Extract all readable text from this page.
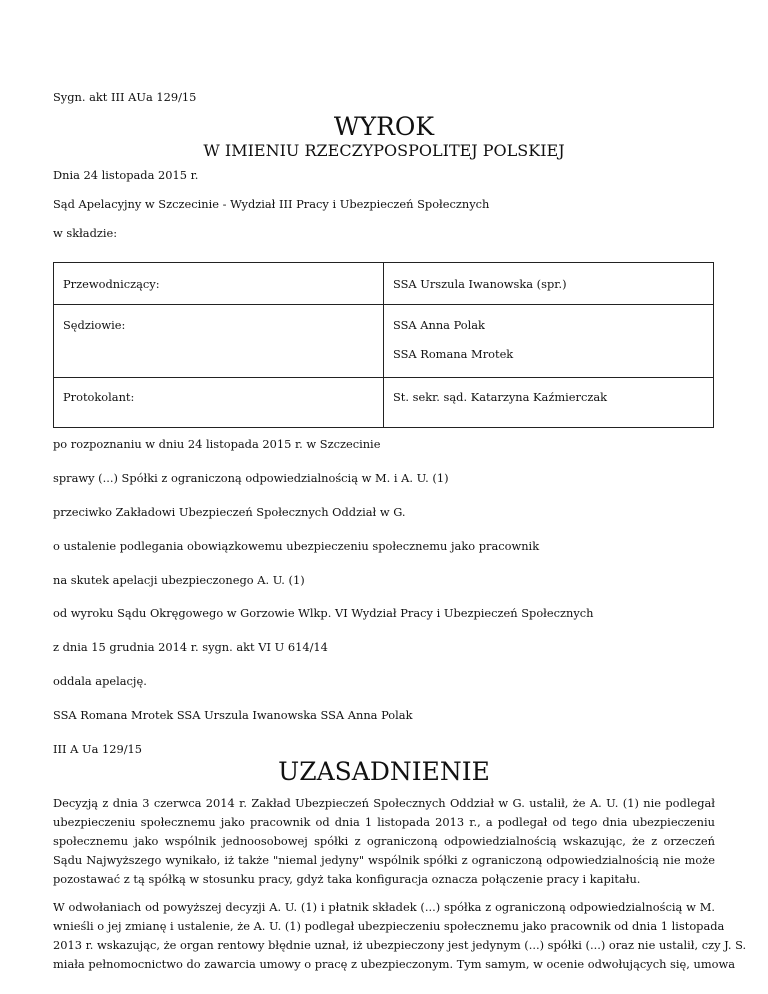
Sygn. akt III AUa 129/15
WYROK
W IMIENIU RZECZYPOSPOLITEJ POLSKIEJ
Dnia 24 listopada 2015 r.
Sąd Apelacyjny w Szczecinie - Wydział III Pracy i Ubezpieczeń Społecznych
w składzie:
Przewodniczący:	SSA Urszula Iwanowska (spr.)
Sędziowie:	SSA Anna Polak
SSA Romana Mrotek
Protokolant:	St. sekr. sąd. Katarzyna Kaźmierczak
po rozpoznaniu w dniu 24 listopada 2015 r. w Szczecinie
sprawy (...) Spółki z ograniczoną odpowiedzialnością w M. i A. U. (1)
przeciwko Zakładowi Ubezpieczeń Społecznych Oddział w G.
o ustalenie podlegania obowiązkowemu ubezpieczeniu społecznemu jako pracownik
na skutek apelacji ubezpieczonego A. U. (1)
od wyroku Sądu Okręgowego w Gorzowie Wlkp. VI Wydział Pracy i Ubezpieczeń Społecznych
z dnia 15 grudnia 2014 r. sygn. akt VI U 614/14
oddala apelację.
SSA Romana Mrotek SSA Urszula Iwanowska SSA Anna Polak
III A Ua 129/15
UZASADNIENIE
Decyzją z dnia 3 czerwca 2014 r. Zakład Ubezpieczeń Społecznych Oddział w G. ustalił, że A. U. (1) nie podlegał
ubezpieczeniu społecznemu jako pracownik od dnia 1 listopada 2013 r., a podlegał od tego dnia ubezpieczeniu
społecznemu jako wspólnik jednoosobowej spółki z ograniczoną odpowiedzialnością wskazując, że z orzeczeń
Sądu Najwyższego wynikało, iż także "niemal jedyny" wspólnik spółki z ograniczoną odpowiedzialnością nie może
pozostawać z tą spółką w stosunku pracy, gdyż taka konfiguracja oznacza połączenie pracy i kapitału.
W odwołaniach od powyższej decyzji A. U. (1) i płatnik składek (...) spółka z ograniczoną odpowiedzialnością w M.
wnieśli o jej zmianę i ustalenie, że A. U. (1) podlegał ubezpieczeniu społecznemu jako pracownik od dnia 1 listopada
2013 r. wskazując, że organ rentowy błędnie uznał, iż ubezpieczony jest jedynym (...) spółki (...) oraz nie ustalił, czy J. S.
miała pełnomocnictwo do zawarcia umowy o pracę z ubezpieczonym. Tym samym, w ocenie odwołujących się, umowa
